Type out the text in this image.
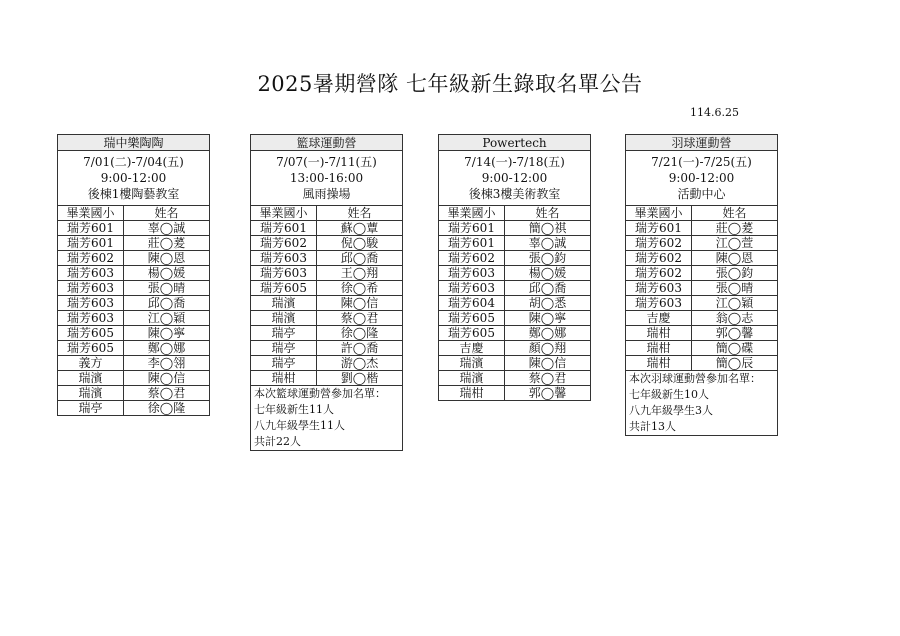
2025暑期營隊 七年級新生錄取名單公告
114.6.25
瑞中樂陶陶	
7/01(二)-7/04(五)	
9:00-12:00	
後棟1樓陶藝教室	
畢業國小	姓名
瑞芳601	辜◯誠
瑞芳601	莊◯萲
瑞芳602	陳◯恩
瑞芳603	楊◯媛
瑞芳603	張◯晴
瑞芳603	邱◯喬
瑞芳603	江◯穎
瑞芳605	陳◯寧
瑞芳605	鄭◯娜
義方	李◯翎
瑞濱	陳◯信
瑞濱	蔡◯君
瑞亭	徐◯隆
籃球運動營	
7/07(一)-7/11(五)	
13:00-16:00	
風雨操場	
畢業國小	姓名
瑞芳601	蘇◯蕈
瑞芳602	倪◯駿
瑞芳603	邱◯喬
瑞芳603	王◯翔
瑞芳605	徐◯希
瑞濱	陳◯信
瑞濱	蔡◯君
瑞亭	徐◯隆
瑞亭	許◯喬
瑞亭	游◯杰
瑞柑	劉◯楷

本次籃球運動營參加名單：
七年級新生11人
八九年級學生11人
共計22人	
Powertech	
7/14(一)-7/18(五)	
9:00-12:00	
後棟3樓美術教室	
畢業國小	姓名
瑞芳601	簡◯祺
瑞芳601	辜◯誠
瑞芳602	張◯鈞
瑞芳603	楊◯媛
瑞芳603	邱◯喬
瑞芳604	胡◯悉
瑞芳605	陳◯寧
瑞芳605	鄭◯娜
吉慶	顏◯翔
瑞濱	陳◯信
瑞濱	蔡◯君
瑞柑	郭◯馨
羽球運動營	
7/21(一)-7/25(五)	
9:00-12:00	
活動中心	
畢業國小	姓名
瑞芳601	莊◯萲
瑞芳602	江◯萱
瑞芳602	陳◯恩
瑞芳602	張◯鈞
瑞芳603	張◯晴
瑞芳603	江◯穎
吉慶	翁◯志
瑞柑	郭◯馨
瑞柑	簡◯碟
瑞柑	簡◯辰

本次羽球運動營參加名單：
七年級新生10人
八九年級學生3人
共計13人	
